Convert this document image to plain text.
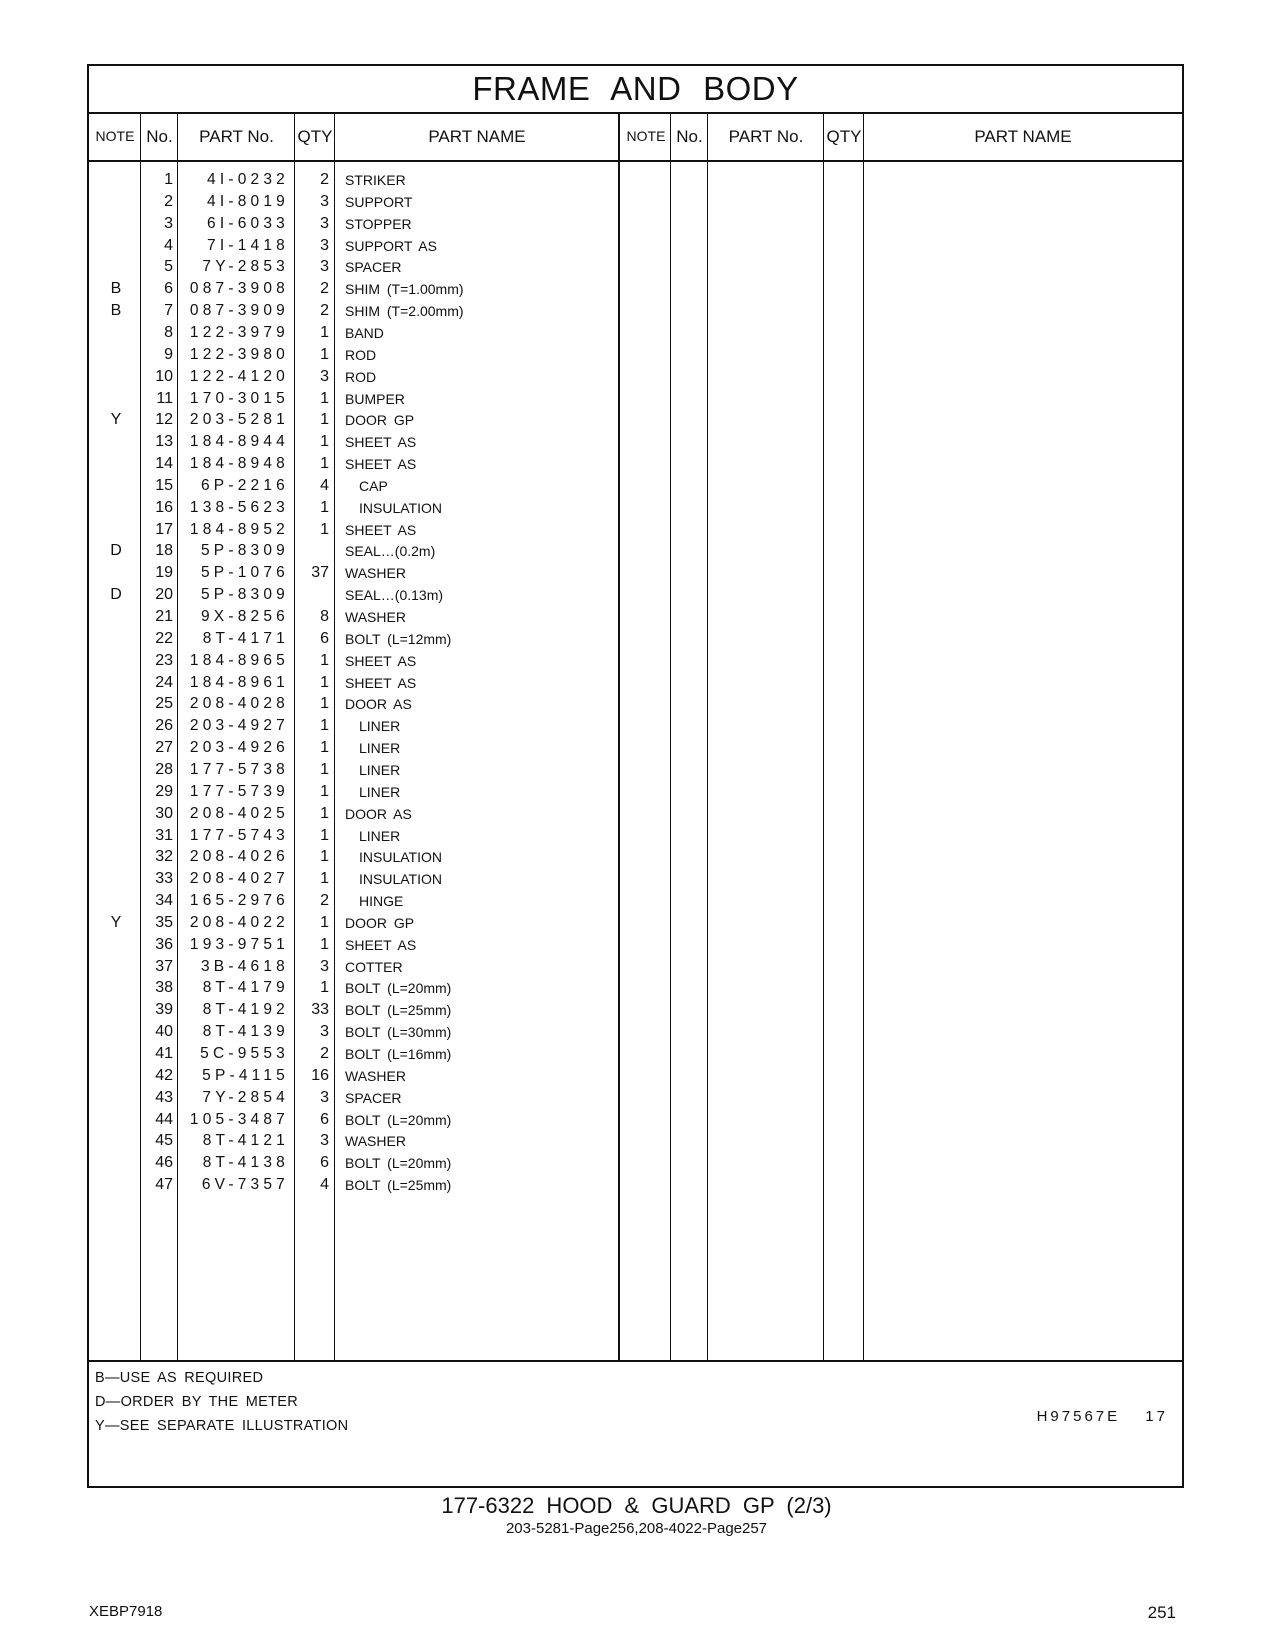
FRAME AND BODY
NOTE No.	PART No.	QTY	PART NAME	NOTE No.	PART No.	QTY	PART NAME
1	4I-0232	2 STRIKER
2	4I-8019	3 SUPPORT
3	6I-6033	3 STOPPER
4	7I-1418	3 SUPPORT AS
5	7Y-2853	3 SPACER
B	6	087-3908	2 SHIM (T=1.00mm)
B	7	087-3909	2 SHIM (T=2.00mm)
8	122-3979	1 BAND
9	122-3980	1 ROD
10	122-4120	3 ROD
11	170-3015	1 BUMPER
Y	12	203-5281	1 DOOR GP
13	184-8944	1 SHEET AS
14	184-8948	1 SHEET AS
15	6P-2216	4 CAP
16	138-5623	1 INSULATION
17	184-8952	1 SHEET AS
D	18	5P-8309	SEAL…(0.2m)
19	5P-1076	37 WASHER
D	20	5P-8309	SEAL…(0.13m)
21	9X-8256	8 WASHER
22	8T-4171	6 BOLT (L=12mm)
23	184-8965	1 SHEET AS
24	184-8961	1 SHEET AS
25	208-4028	1 DOOR AS
26	203-4927	1 LINER
27	203-4926	1 LINER
28	177-5738	1 LINER
29	177-5739	1 LINER
30	208-4025	1 DOOR AS
31	177-5743	1 LINER
32	208-4026	1 INSULATION
33	208-4027	1 INSULATION
34	165-2976	2 HINGE
Y	35	208-4022	1 DOOR GP
36	193-9751	1 SHEET AS
37	3B-4618	3 COTTER
38	8T-4179	1 BOLT (L=20mm)
39	8T-4192	33 BOLT (L=25mm)
40	8T-4139	3 BOLT (L=30mm)
41	5C-9553	2 BOLT (L=16mm)
42	5P-4115	16 WASHER
43	7Y-2854	3 SPACER
44	105-3487	6 BOLT (L=20mm)
45	8T-4121	3 WASHER
46	8T-4138	6 BOLT (L=20mm)
47	6V-7357	4 BOLT (L=25mm)
B—USE AS REQUIRED
D—ORDER BY THE METER
Y—SEE SEPARATE ILLUSTRATION
H97567E 17
177-6322 HOOD & GUARD GP (2/3)
203-5281-Page256,208-4022-Page257
XEBP7918	251
